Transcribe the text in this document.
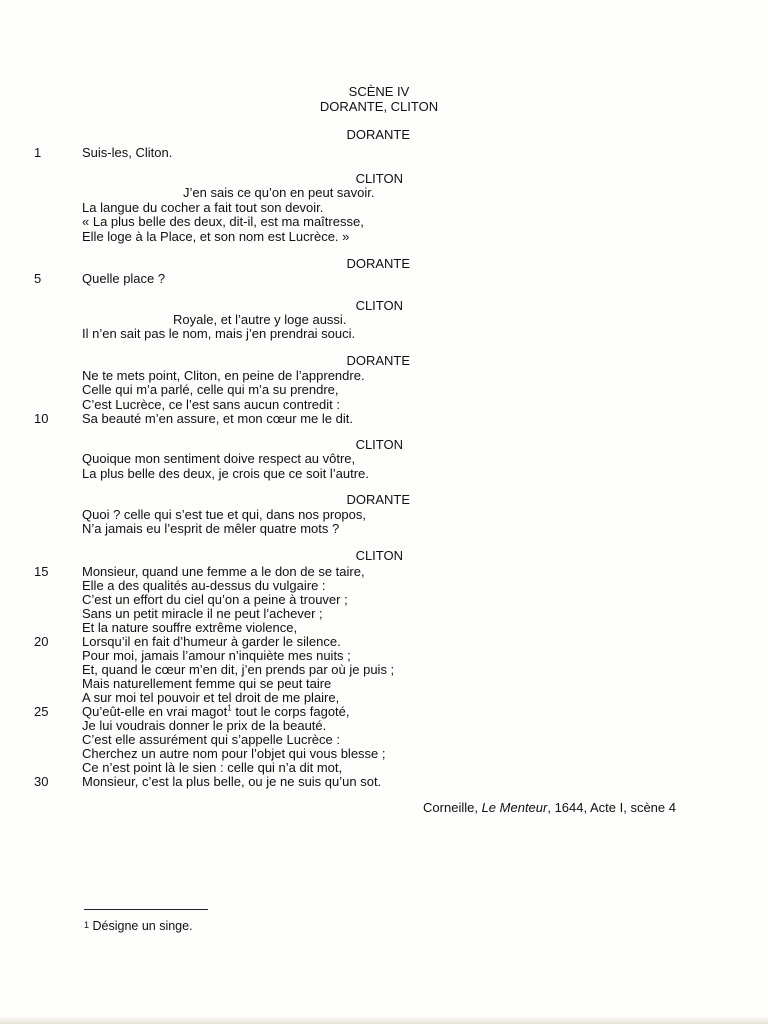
SCÈNE IV
DORANTE, CLITON
DORANTE
1	Suis-les, Cliton.
CLITON
J’en sais ce qu’on en peut savoir.
La langue du cocher a fait tout son devoir.
« La plus belle des deux, dit-il, est ma maîtresse,
Elle loge à la Place, et son nom est Lucrèce. »
DORANTE
5	Quelle place ?
CLITON
Royale, et l’autre y loge aussi.
Il n’en sait pas le nom, mais j’en prendrai souci.
DORANTE
Ne te mets point, Cliton, en peine de l’apprendre.
Celle qui m’a parlé, celle qui m’a su prendre,
C’est Lucrèce, ce l’est sans aucun contredit :
10	Sa beauté m’en assure, et mon cœur me le dit.
CLITON
Quoique mon sentiment doive respect au vôtre,
La plus belle des deux, je crois que ce soit l’autre.
DORANTE
Quoi ? celle qui s’est tue et qui, dans nos propos,
N’a jamais eu l’esprit de mêler quatre mots ?
CLITON
15	Monsieur, quand une femme a le don de se taire,
Elle a des qualités au-dessus du vulgaire :
C’est un effort du ciel qu’on a peine à trouver ;
Sans un petit miracle il ne peut l’achever ;
Et la nature souffre extrême violence,
20	Lorsqu’il en fait d’humeur à garder le silence.
Pour moi, jamais l’amour n’inquiète mes nuits ;
Et, quand le cœur m’en dit, j’en prends par où je puis ;
Mais naturellement femme qui se peut taire
A sur moi tel pouvoir et tel droit de me plaire,
25	Qu’eût-elle en vrai magot$^1$ tout le corps fagoté,
Je lui voudrais donner le prix de la beauté.
C’est elle assurément qui s’appelle Lucrèce :
Cherchez un autre nom pour l’objet qui vous blesse ;
Ce n’est point là le sien : celle qui n’a dit mot,
30	Monsieur, c’est la plus belle, ou je ne suis qu’un sot.
Corneille, Le Menteur, 1644, Acte I, scène 4
$^1$ Désigne un singe.
